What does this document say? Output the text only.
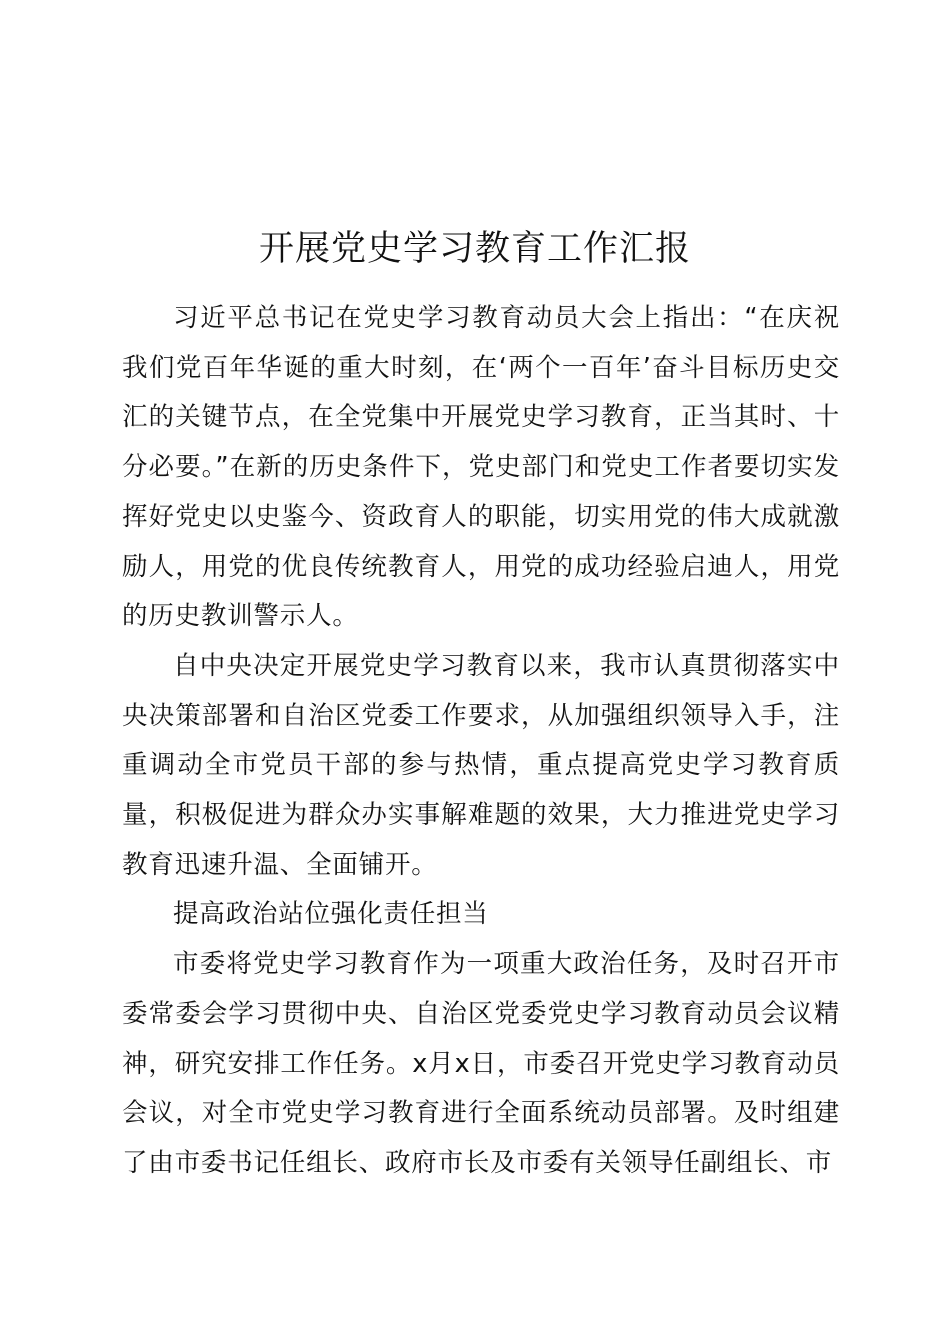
开展党史学习教育工作汇报

习近平总书记在党史学习教育动员大会上指出：“在庆祝我们党百年华诞的重大时刻，在‘两个一百年’奋斗目标历史交汇的关键节点，在全党集中开展党史学习教育，正当其时、十分必要。”在新的历史条件下，党史部门和党史工作者要切实发挥好党史以史鉴今、资政育人的职能，切实用党的伟大成就激励人，用党的优良传统教育人，用党的成功经验启迪人，用党的历史教训警示人。

自中央决定开展党史学习教育以来，我市认真贯彻落实中央决策部署和自治区党委工作要求，从加强组织领导入手，注重调动全市党员干部的参与热情，重点提高党史学习教育质量，积极促进为群众办实事解难题的效果，大力推进党史学习教育迅速升温、全面铺开。

提高政治站位强化责任担当

市委将党史学习教育作为一项重大政治任务，及时召开市委常委会学习贯彻中央、自治区党委党史学习教育动员会议精神，研究安排工作任务。x月x日，市委召开党史学习教育动员会议，对全市党史学习教育进行全面系统动员部署。及时组建了由市委书记任组长、政府市长及市委有关领导任副组长、市
